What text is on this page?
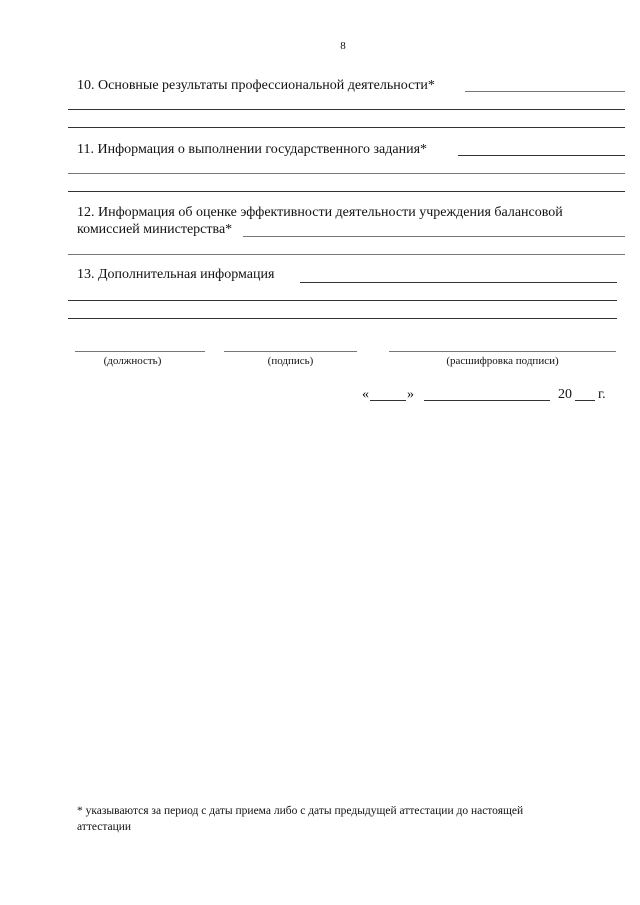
8
10. Основные результаты профессиональной деятельности*
11. Информация о выполнении государственного задания*
12. Информация об оценке эффективности деятельности учреждения балансовой
комиссией министерства*
13. Дополнительная информация
(должность)	(подпись)	(расшифровка подписи)
«	»	20 г.
* указываются за период с даты приема либо с даты предыдущей аттестации до настоящей
аттестации
